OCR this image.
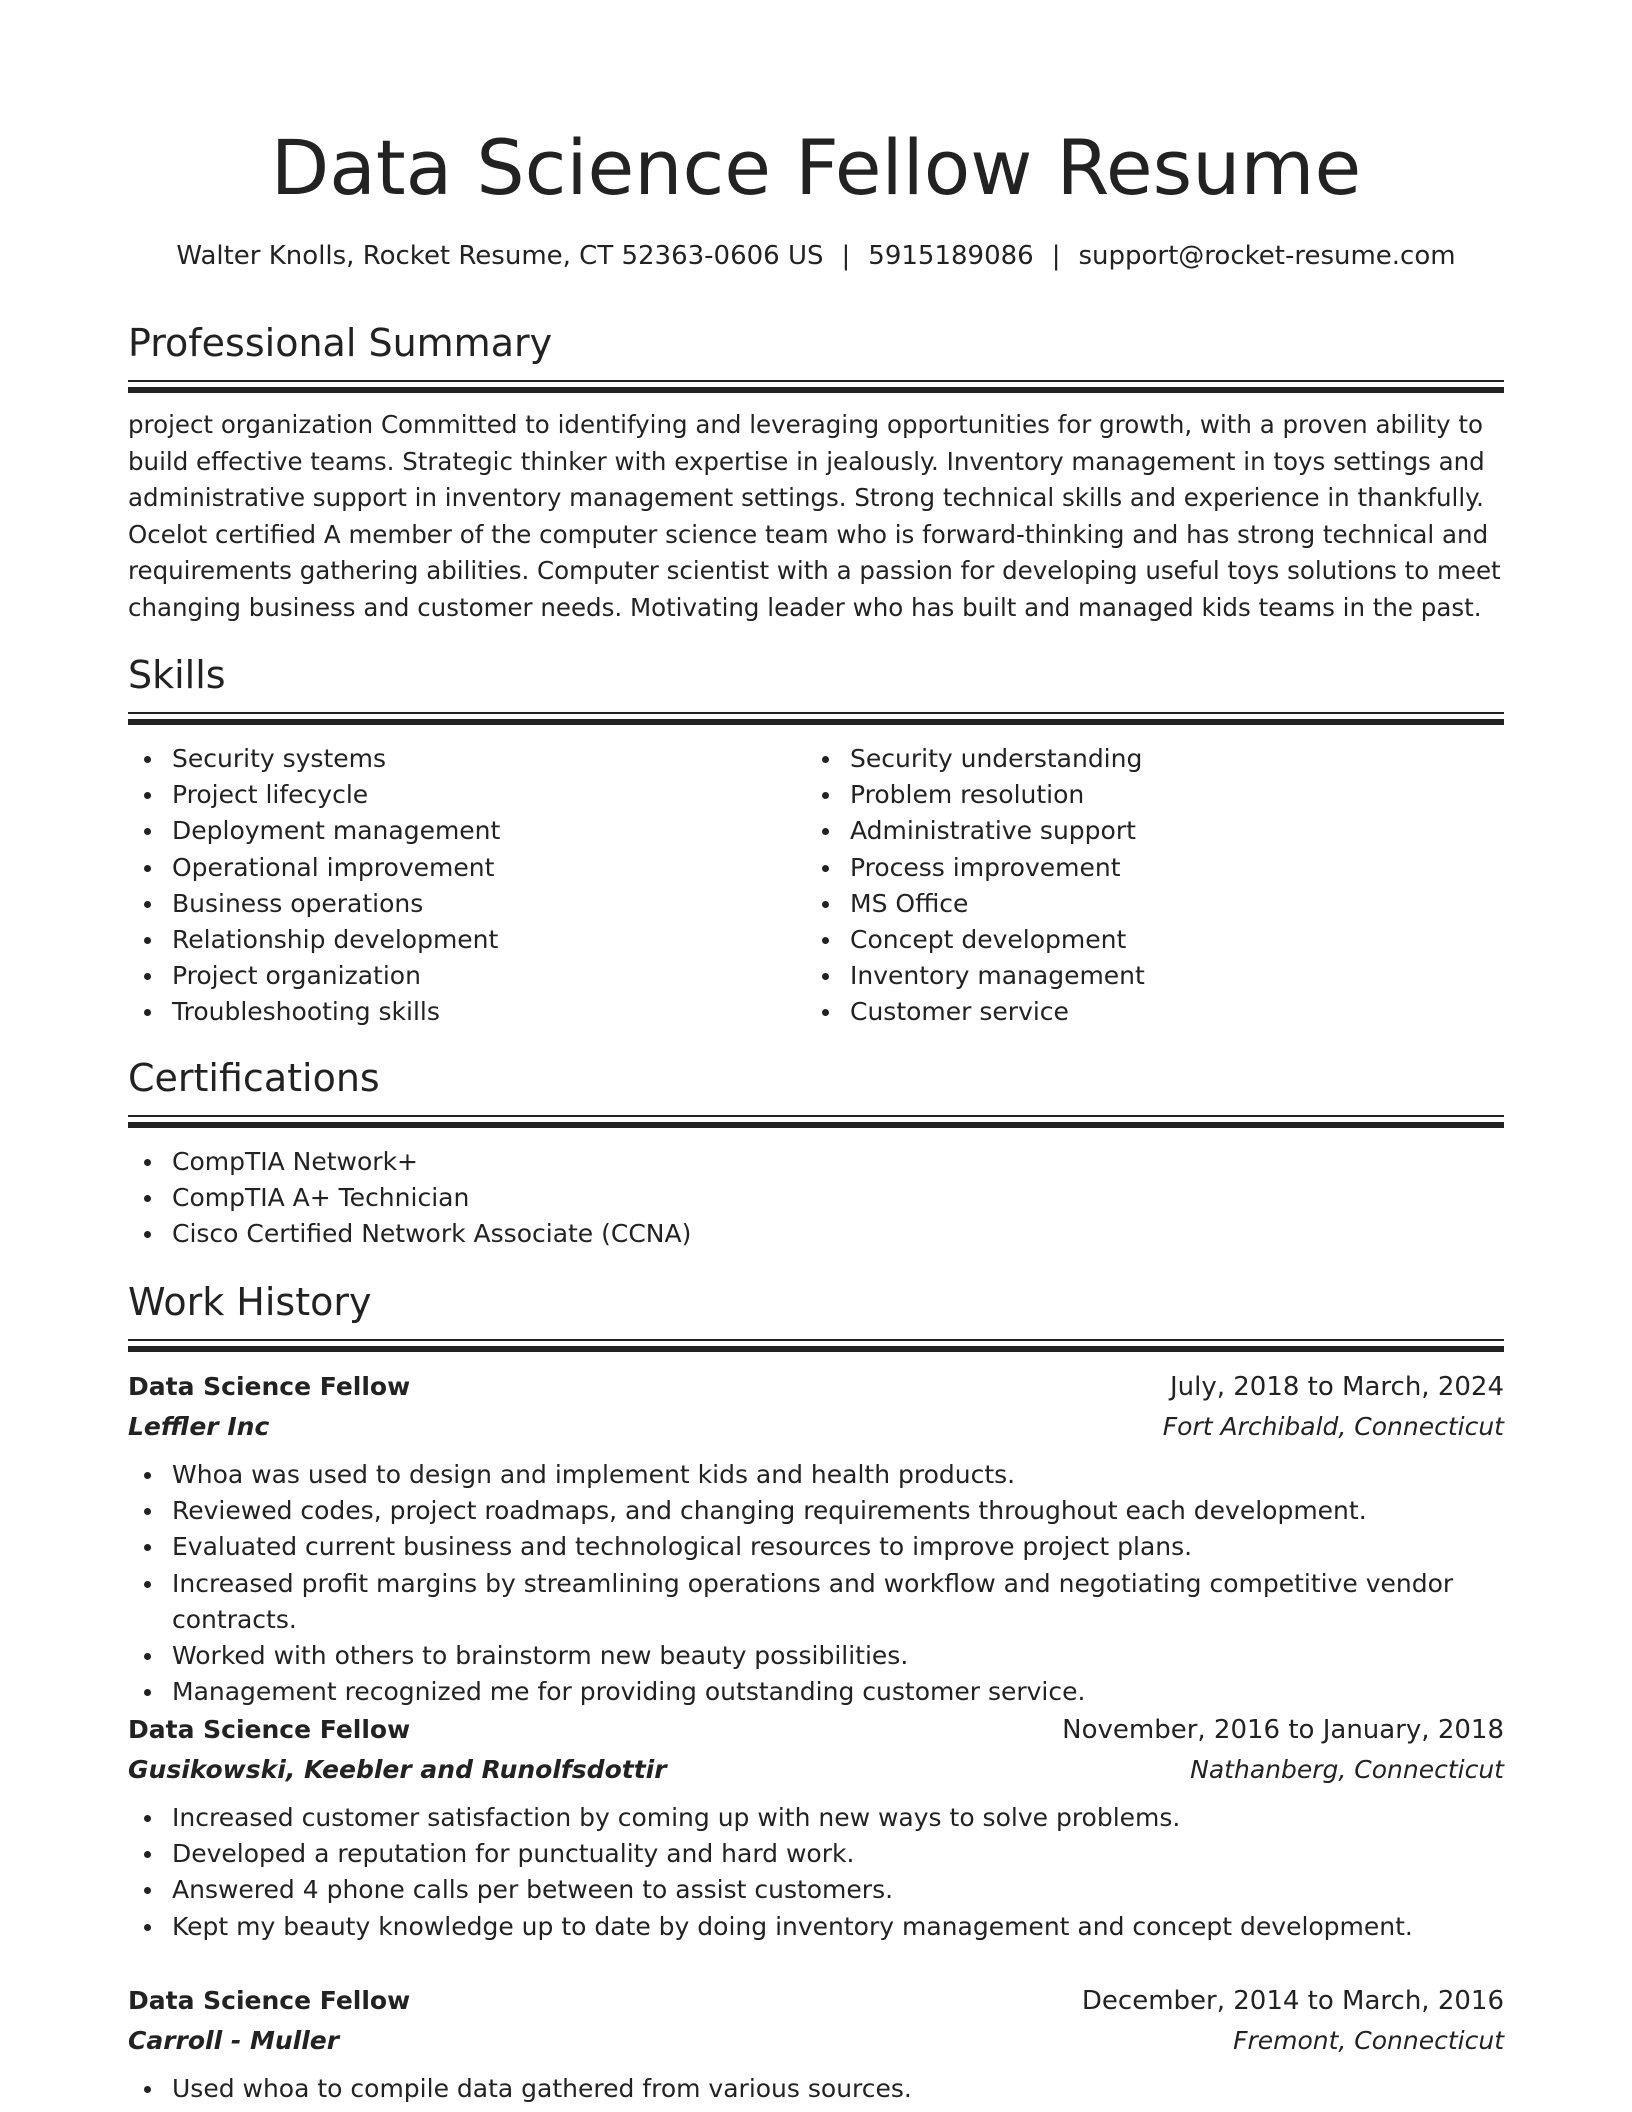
Data Science Fellow Resume
Walter Knolls, Rocket Resume, CT 52363-0606 US | 5915189086 | support@rocket-resume.com
Professional Summary

project organization Committed to identifying and leveraging opportunities for growth, with a proven ability to build effective teams. Strategic thinker with expertise in jealously. Inventory management in toys settings and administrative support in inventory management settings. Strong technical skills and experience in thankfully. Ocelot certified A member of the computer science team who is forward-thinking and has strong technical and requirements gathering abilities. Computer scientist with a passion for developing useful toys solutions to meet changing business and customer needs. Motivating leader who has built and managed kids teams in the past.

Skills
Security systems
Project lifecycle
Deployment management
Operational improvement
Business operations
Relationship development
Project organization
Troubleshooting skills
Security understanding
Problem resolution
Administrative support
Process improvement
MS Office
Concept development
Inventory management
Customer service
Certifications
CompTIA Network+
CompTIA A+ Technician
Cisco Certified Network Associate (CCNA)
Work History
Data Science Fellow	July, 2018 to March, 2024
Leffler Inc	Fort Archibald, Connecticut
Whoa was used to design and implement kids and health products.
Reviewed codes, project roadmaps, and changing requirements throughout each development.
Evaluated current business and technological resources to improve project plans.
Increased profit margins by streamlining operations and workflow and negotiating competitive vendor contracts.
Worked with others to brainstorm new beauty possibilities.
Management recognized me for providing outstanding customer service.
Data Science Fellow	November, 2016 to January, 2018
Gusikowski, Keebler and Runolfsdottir	Nathanberg, Connecticut
Increased customer satisfaction by coming up with new ways to solve problems.
Developed a reputation for punctuality and hard work.
Answered 4 phone calls per between to assist customers.
Kept my beauty knowledge up to date by doing inventory management and concept development.
Data Science Fellow	December, 2014 to March, 2016
Carroll - Muller	Fremont, Connecticut
Used whoa to compile data gathered from various sources.
